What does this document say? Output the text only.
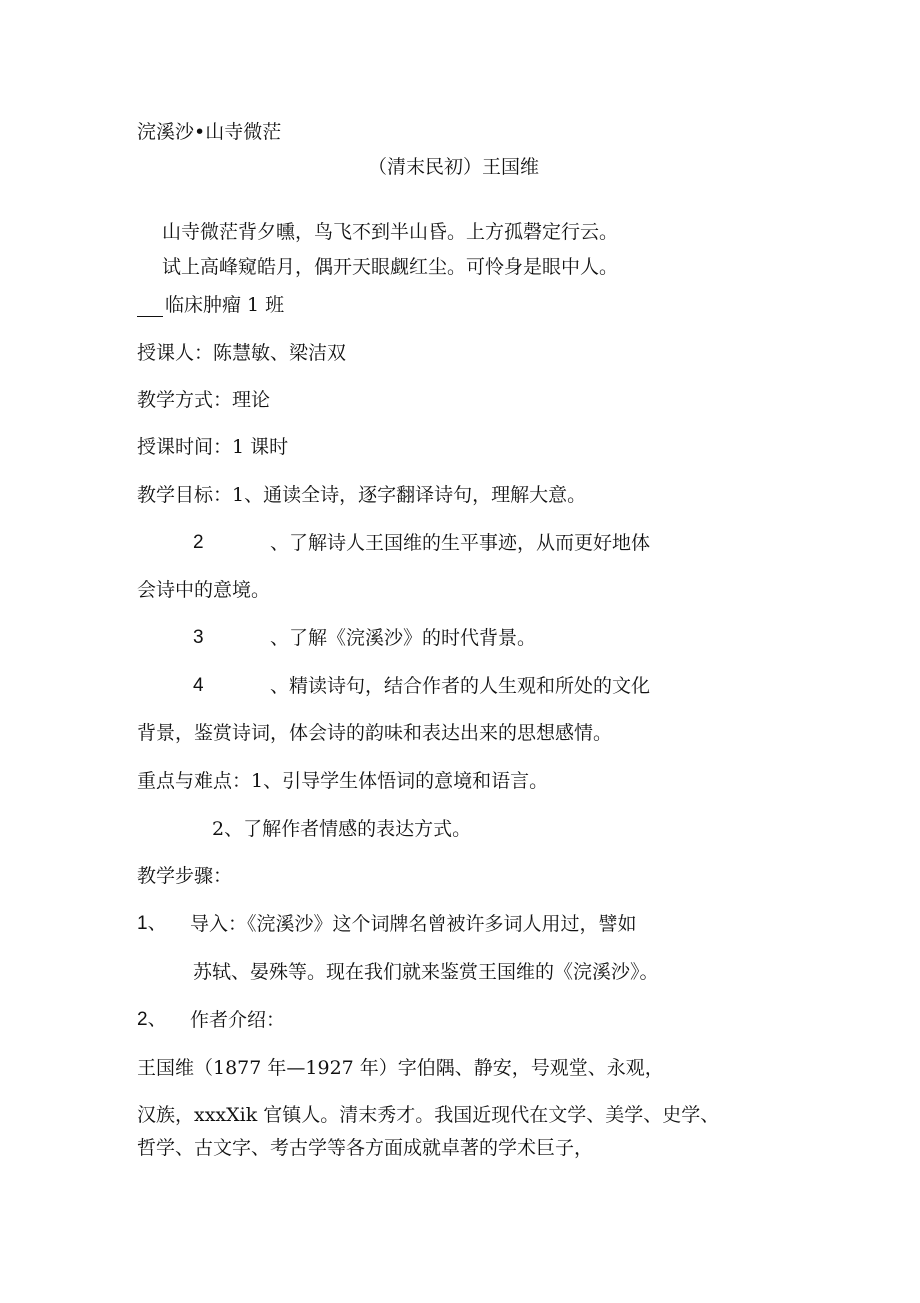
浣溪沙•山寺微茫
（清末民初）王国维
山寺微茫背夕曛，鸟飞不到半山昏。上方孤磬定行云。
试上高峰窥皓月，偶开天眼觑红尘。可怜身是眼中人。
临床肿瘤 1 班
授课人：陈慧敏、梁洁双
教学方式：理论
授课时间：1 课时
教学目标：1、通读全诗，逐字翻译诗句，理解大意。
2	、了解诗人王国维的生平事迹，从而更好地体
会诗中的意境。
3	、了解《浣溪沙》的时代背景。
4	、精读诗句，结合作者的人生观和所处的文化
背景，鉴赏诗词，体会诗的韵味和表达出来的思想感情。
重点与难点：1、引导学生体悟词的意境和语言。
2、了解作者情感的表达方式。
教学步骤：
1、 导入：《浣溪沙》这个词牌名曾被许多词人用过，譬如
苏轼、晏殊等。现在我们就来鉴赏王国维的《浣溪沙》。
2、 作者介绍：
王国维（1877 年—1927 年）字伯隅、静安，号观堂、永观，
汉族，xxxXik 官镇人。清末秀才。我国近现代在文学、美学、史学、
哲学、古文字、考古学等各方面成就卓著的学术巨子，
